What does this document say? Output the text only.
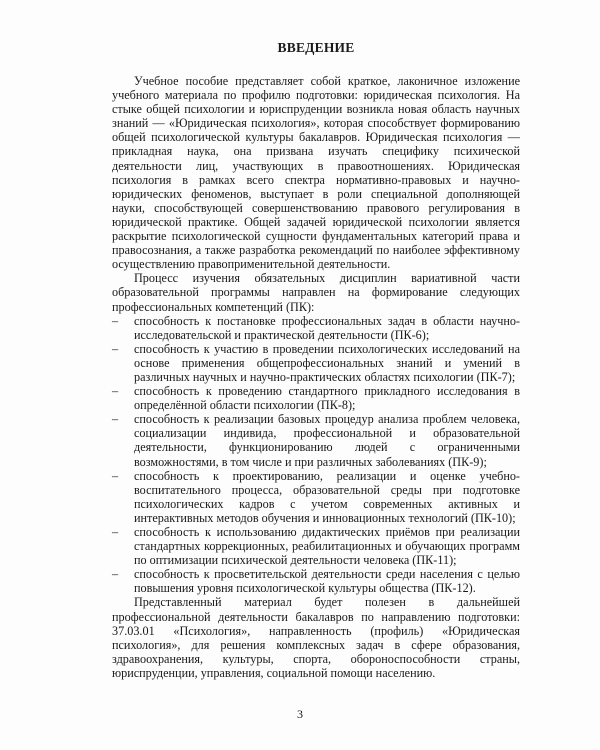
ВВЕДЕНИЕ

Учебное пособие представляет собой краткое, лаконичное изложение учебного материала по профилю подготовки: юридическая психология. На стыке общей психологии и юриспруденции возникла новая область научных знаний — «Юридическая психология», которая способствует формированию общей психологической культуры бакалавров. Юридическая психология — прикладная наука, она призвана изучать специфику психической деятельности лиц, участвующих в правоотношениях. Юридическая психология в рамках всего спектра нормативно-правовых и научно-юридических феноменов, выступает в роли специальной дополняющей науки, способствующей совершенствованию правового регулирования в юридической практике. Общей задачей юридической психологии является раскрытие психологической сущности фундаментальных категорий права и правосознания, а также разработка рекомендаций по наиболее эффективному осуществлению правоприменительной деятельности.

Процесс изучения обязательных дисциплин вариативной части образовательной программы направлен на формирование следующих профессиональных компетенций (ПК):

– способность к постановке профессиональных задач в области научно-исследовательской и практической деятельности (ПК-6);
– способность к участию в проведении психологических исследований на основе применения общепрофессиональных знаний и умений в различных научных и научно-практических областях психологии (ПК-7);
– способность к проведению стандартного прикладного исследования в определённой области психологии (ПК-8);
– способность к реализации базовых процедур анализа проблем человека, социализации индивида, профессиональной и образовательной деятельности, функционированию людей с ограниченными возможностями, в том числе и при различных заболеваниях (ПК-9);
– способность к проектированию, реализации и оценке учебно-воспитательного процесса, образовательной среды при подготовке психологических кадров с учетом современных активных и интерактивных методов обучения и инновационных технологий (ПК-10);
– способность к использованию дидактических приёмов при реализации стандартных коррекционных, реабилитационных и обучающих программ по оптимизации психической деятельности человека (ПК-11);
– способность к просветительской деятельности среди населения с целью повышения уровня психологической культуры общества (ПК-12).

Представленный материал будет полезен в дальнейшей профессиональной деятельности бакалавров по направлению подготовки: 37.03.01 «Психология», направленность (профиль) «Юридическая психология», для решения комплексных задач в сфере образования, здравоохранения, культуры, спорта, обороноспособности страны, юриспруденции, управления, социальной помощи населению.

3
